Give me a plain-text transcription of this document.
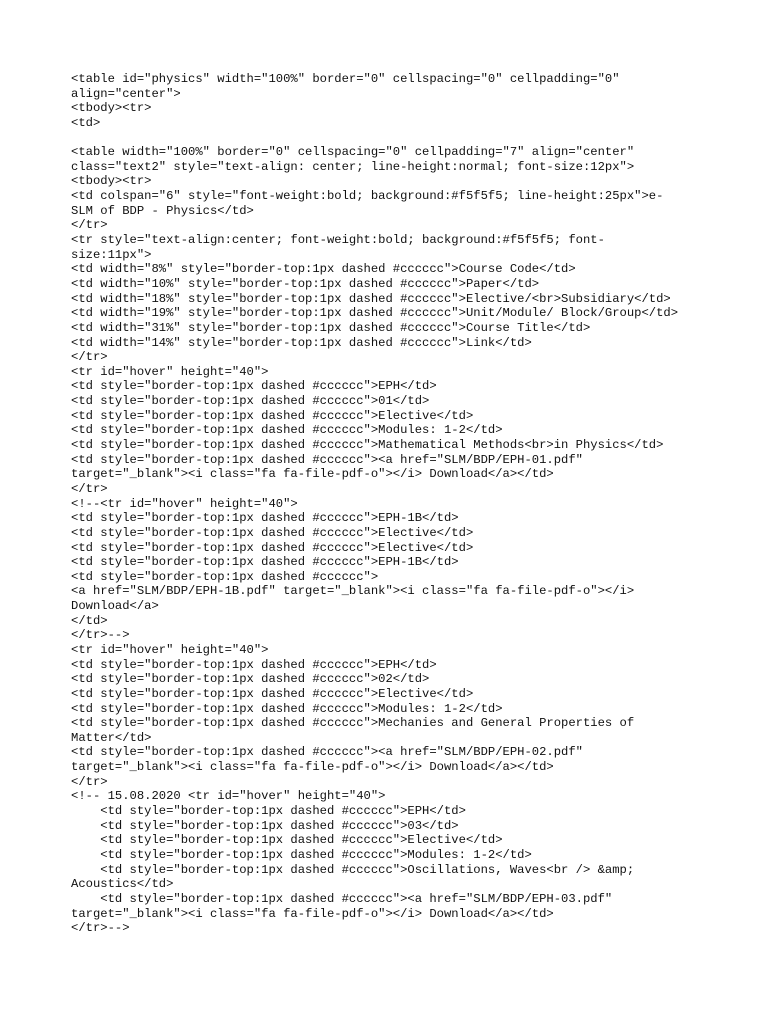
<table id="physics" width="100%" border="0" cellspacing="0" cellpadding="0"
align="center">
<tbody><tr>
<td>
<table width="100%" border="0" cellspacing="0" cellpadding="7" align="center"
class="text2" style="text-align: center; line-height:normal; font-size:12px">
<tbody><tr>
<td colspan="6" style="font-weight:bold; background:#f5f5f5; line-height:25px">e-
SLM of BDP - Physics</td>
</tr>
<tr style="text-align:center; font-weight:bold; background:#f5f5f5; font-
size:11px">
<td width="8%" style="border-top:1px dashed #cccccc">Course Code</td>
<td width="10%" style="border-top:1px dashed #cccccc">Paper</td>
<td width="18%" style="border-top:1px dashed #cccccc">Elective/<br>Subsidiary</td>
<td width="19%" style="border-top:1px dashed #cccccc">Unit/Module/ Block/Group</td>
<td width="31%" style="border-top:1px dashed #cccccc">Course Title</td>
<td width="14%" style="border-top:1px dashed #cccccc">Link</td>
</tr>
<tr id="hover" height="40">
<td style="border-top:1px dashed #cccccc">EPH</td>
<td style="border-top:1px dashed #cccccc">01</td>
<td style="border-top:1px dashed #cccccc">Elective</td>
<td style="border-top:1px dashed #cccccc">Modules: 1-2</td>
<td style="border-top:1px dashed #cccccc">Mathematical Methods<br>in Physics</td>
<td style="border-top:1px dashed #cccccc"><a href="SLM/BDP/EPH-01.pdf"
target="_blank"><i class="fa fa-file-pdf-o"></i> Download</a></td>
</tr>
<!--<tr id="hover" height="40">
<td style="border-top:1px dashed #cccccc">EPH-1B</td>
<td style="border-top:1px dashed #cccccc">Elective</td>
<td style="border-top:1px dashed #cccccc">Elective</td>
<td style="border-top:1px dashed #cccccc">EPH-1B</td>
<td style="border-top:1px dashed #cccccc">
<a href="SLM/BDP/EPH-1B.pdf" target="_blank"><i class="fa fa-file-pdf-o"></i>
Download</a>
</td>
</tr>-->
<tr id="hover" height="40">
<td style="border-top:1px dashed #cccccc">EPH</td>
<td style="border-top:1px dashed #cccccc">02</td>
<td style="border-top:1px dashed #cccccc">Elective</td>
<td style="border-top:1px dashed #cccccc">Modules: 1-2</td>
<td style="border-top:1px dashed #cccccc">Mechanies and General Properties of
Matter</td>
<td style="border-top:1px dashed #cccccc"><a href="SLM/BDP/EPH-02.pdf"
target="_blank"><i class="fa fa-file-pdf-o"></i> Download</a></td>
</tr>
<!-- 15.08.2020 <tr id="hover" height="40">
<td style="border-top:1px dashed #cccccc">EPH</td>
<td style="border-top:1px dashed #cccccc">03</td>
<td style="border-top:1px dashed #cccccc">Elective</td>
<td style="border-top:1px dashed #cccccc">Modules: 1-2</td>
<td style="border-top:1px dashed #cccccc">Oscillations, Waves<br /> &amp;
Acoustics</td>
<td style="border-top:1px dashed #cccccc"><a href="SLM/BDP/EPH-03.pdf"
target="_blank"><i class="fa fa-file-pdf-o"></i> Download</a></td>
</tr>-->
